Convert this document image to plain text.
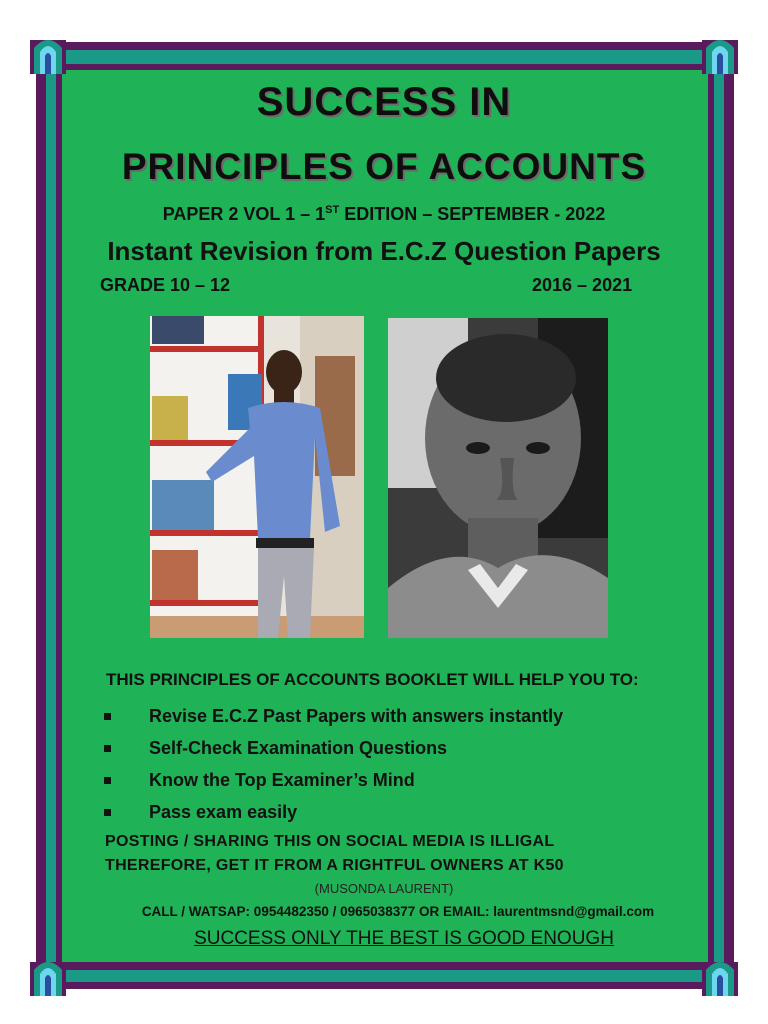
SUCCESS IN
PRINCIPLES OF ACCOUNTS
PAPER 2 VOL 1 – 1ST EDITION – SEPTEMBER - 2022
Instant Revision from E.C.Z Question Papers
GRADE 10 – 12	2016 – 2021
THIS PRINCIPLES OF ACCOUNTS BOOKLET WILL HELP YOU TO:
Revise E.C.Z Past Papers with answers instantly
Self-Check Examination Questions
Know the Top Examiner’s Mind
Pass exam easily
POSTING / SHARING THIS ON SOCIAL MEDIA IS ILLIGAL
THEREFORE, GET IT FROM A RIGHTFUL OWNERS AT K50
(MUSONDA LAURENT)
CALL / WATSAP: 0954482350 / 0965038377 OR EMAIL: laurentmsnd@gmail.com
SUCCESS ONLY THE BEST IS GOOD ENOUGH
